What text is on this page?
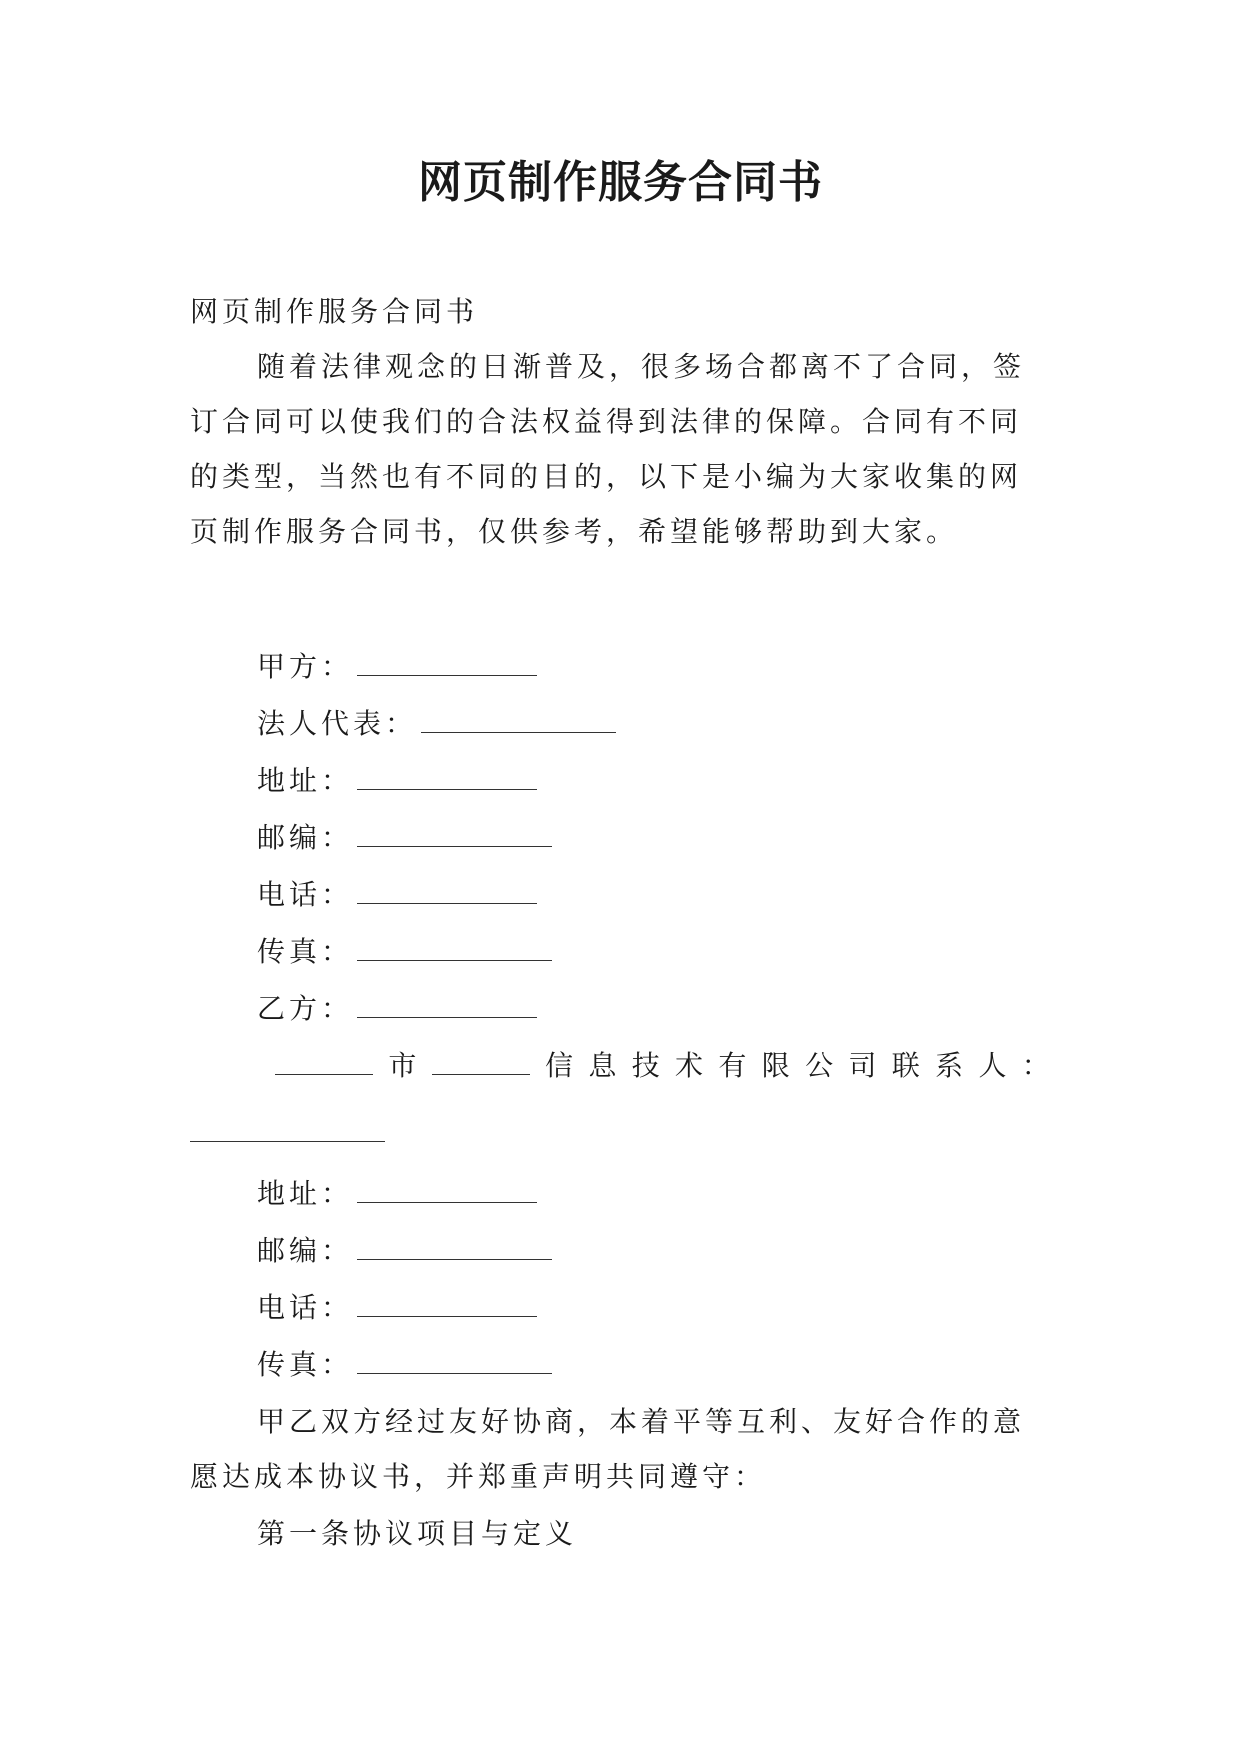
网页制作服务合同书
网页制作服务合同书
随着法律观念的日渐普及，很多场合都离不了合同，签
订合同可以使我们的合法权益得到法律的保障。合同有不同
的类型，当然也有不同的目的，以下是小编为大家收集的网
页制作服务合同书，仅供参考，希望能够帮助到大家。
甲方：
法人代表：
地址：
邮编：
电话：
传真：
乙方：
市	信 息 技 术 有 限 公 司 联 系 人 ：
地址：
邮编：
电话：
传真：
甲乙双方经过友好协商，本着平等互利、友好合作的意
愿达成本协议书，并郑重声明共同遵守：
第一条协议项目与定义
